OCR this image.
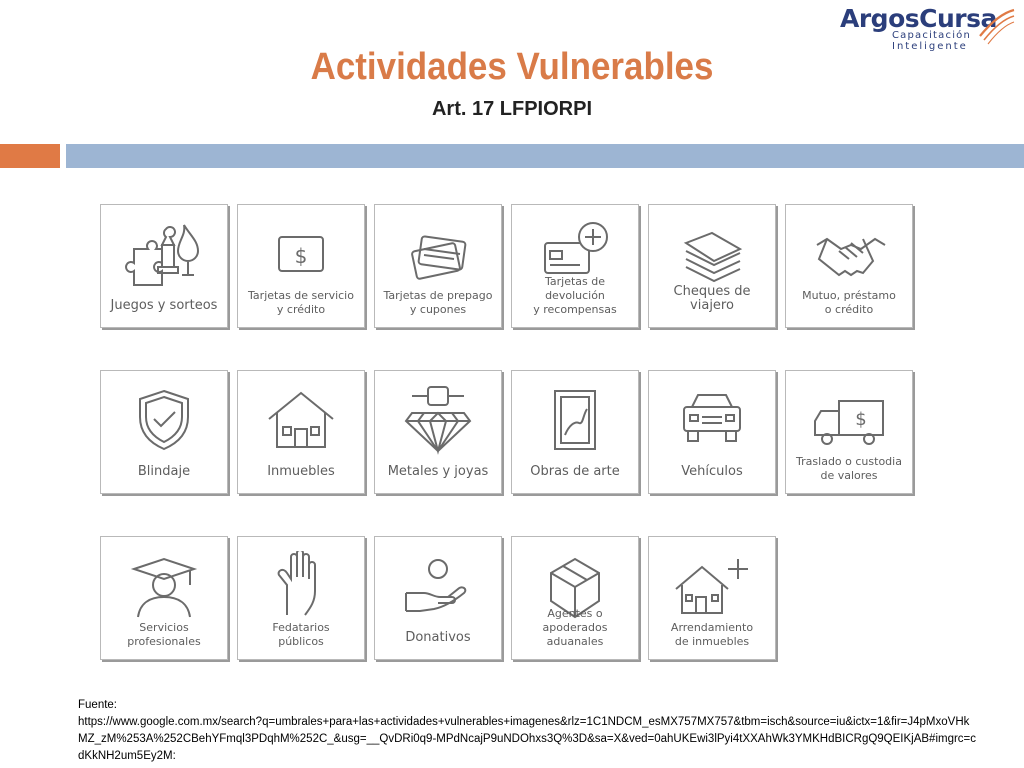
ArgosCursa
Capacitación
Inteligente
Actividades Vulnerables
Art. 17 LFPIORPI
Juegos y sorteos
$
Tarjetas de servicio
y crédito
Tarjetas de prepago
y cupones
Tarjetas de devolución
y recompensas
Cheques de viajero
Mutuo, préstamo
o crédito
Blindaje	Inmuebles	Metales y joyas	Obras de arte	Vehículos
$
Traslado o custodia
de valores
Servicios
profesionales
Fedatarios
públicos	Donativos
Agentes o apoderados
aduanales
Arrendamiento
de inmuebles
Fuente:
https://www.google.com.mx/search?q=umbrales+para+las+actividades+vulnerables+imagenes&rlz=1C1NDCM_esMX757MX757&tbm=isch&source=iu&ictx=1&fir=J4pMxoVHkMZ_zM%253A%252CBehYFmql3PDqhM%252C_&usg=__QvDRi0q9-MPdNcajP9uNDOhxs3Q%3D&sa=X&ved=0ahUKEwi3lPyi4tXXAhWk3YMKHdBICRgQ9QEIKjAB#imgrc=cdKkNH2um5Ey2M:
